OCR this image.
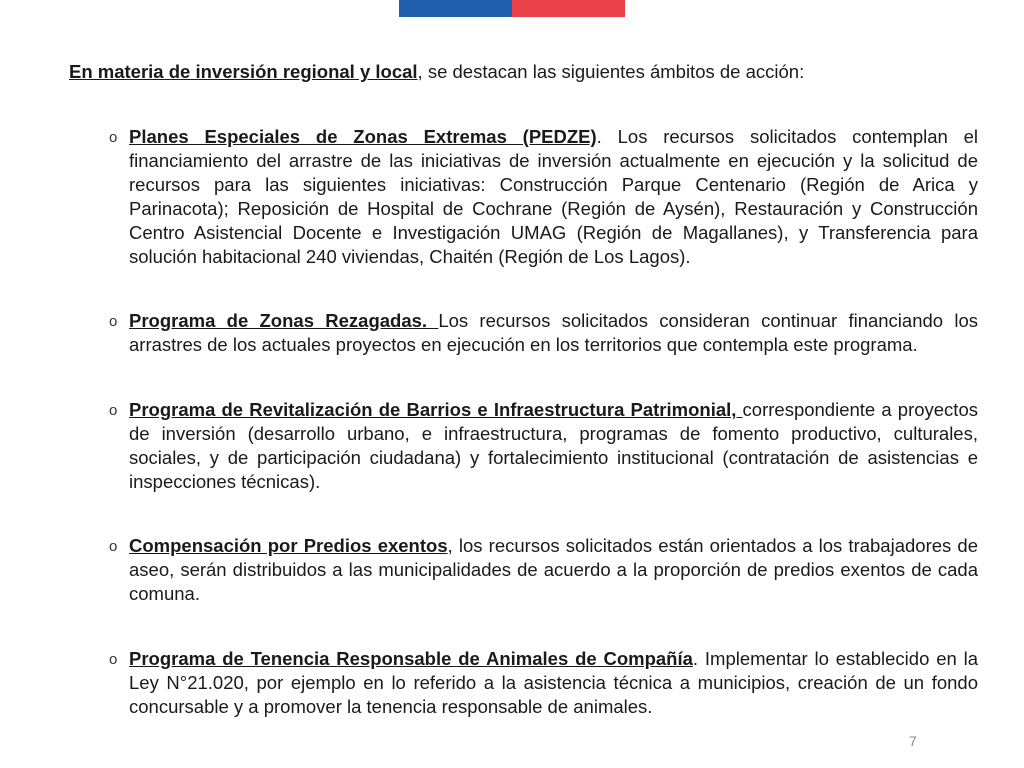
En materia de inversión regional y local, se destacan las siguientes ámbitos de acción:
o Planes Especiales de Zonas Extremas (PEDZE). Los recursos solicitados contemplan el financiamiento del arrastre de las iniciativas de inversión actualmente en ejecución y la solicitud de recursos para las siguientes iniciativas: Construcción Parque Centenario (Región de Arica y Parinacota); Reposición de Hospital de Cochrane (Región de Aysén), Restauración y Construcción Centro Asistencial Docente e Investigación UMAG (Región de Magallanes), y Transferencia para solución habitacional 240 viviendas, Chaitén (Región de Los Lagos).
o Programa de Zonas Rezagadas. Los recursos solicitados consideran continuar financiando los arrastres de los actuales proyectos en ejecución en los territorios que contempla este programa.
o Programa de Revitalización de Barrios e Infraestructura Patrimonial, correspondiente a proyectos de inversión (desarrollo urbano, e infraestructura, programas de fomento productivo, culturales, sociales, y de participación ciudadana) y fortalecimiento institucional (contratación de asistencias e inspecciones técnicas).
o Compensación por Predios exentos, los recursos solicitados están orientados a los trabajadores de aseo, serán distribuidos a las municipalidades de acuerdo a la proporción de predios exentos de cada comuna.
o Programa de Tenencia Responsable de Animales de Compañía. Implementar lo establecido en la Ley N°21.020, por ejemplo en lo referido a la asistencia técnica a municipios, creación de un fondo concursable y a promover la tenencia responsable de animales.
7
